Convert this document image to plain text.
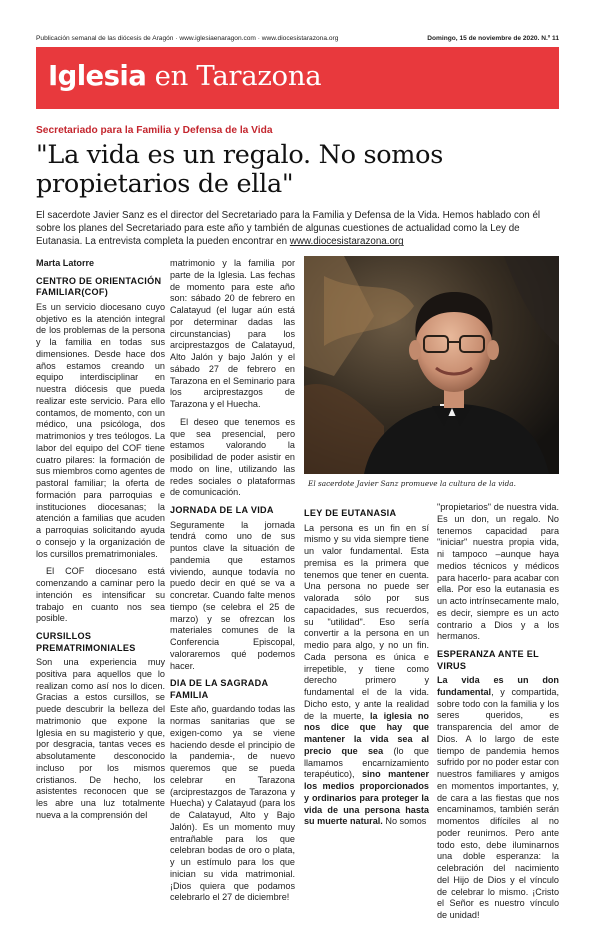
Publicación semanal de las diócesis de Aragón · www.iglesiaenaragon.com · www.diocesistarazona.org	Domingo, 15 de noviembre de 2020. N.º 11
Iglesia en Tarazona
Secretariado para la Familia y Defensa de la Vida
"La vida es un regalo. No somos propietarios de ella"
El sacerdote Javier Sanz es el director del Secretariado para la Familia y Defensa de la Vida. Hemos hablado con él sobre los planes del Secretariado para este año y también de algunas cuestiones de actualidad como la Ley de Eutanasia. La entrevista completa la pueden encontrar en www.diocesistarazona.org
Marta Latorre
CENTRO DE ORIENTACIÓN FAMILIAR(COF)

Es un servicio diocesano cuyo objetivo es la atención integral de los problemas de la persona y la familia en todas sus dimensiones. Desde hace dos años estamos creando un equipo interdisciplinar en nuestra diócesis que pueda realizar este servicio. Para ello contamos, de momento, con un médico, una psicóloga, dos matrimonios y tres teólogos. La labor del equipo del COF tiene cuatro pilares: la formación de sus miembros como agentes de pastoral familiar; la oferta de formación para parroquias e instituciones diocesanas; la atención a familias que acuden a parroquias solicitando ayuda o consejo y la organización de los cursillos prematrimoniales.

El COF diocesano está comenzando a caminar pero la intención es intensificar su trabajo en cuanto nos sea posible.

CURSILLOS PREMATRIMONIALES

Son una experiencia muy positiva para aquellos que lo realizan como así nos lo dicen. Gracias a estos cursillos, se puede descubrir la belleza del matrimonio que expone la Iglesia en su magisterio y que, por desgracia, tantas veces es absolutamente desconocido incluso por los mismos cristianos. De hecho, los asistentes reconocen que se les abre una luz totalmente nueva a la comprensión del

matrimonio y la familia por parte de la Iglesia. Las fechas de momento para este año son: sábado 20 de febrero en Calatayud (el lugar aún está por determinar dadas las circunstancias) para los arciprestazgos de Calatayud, Alto Jalón y bajo Jalón y el sábado 27 de febrero en Tarazona en el Seminario para los arciprestazgos de Tarazona y el Huecha.

El deseo que tenemos es que sea presencial, pero estamos valorando la posibilidad de poder asistir en modo on line, utilizando las redes sociales o plataformas de comunicación.

JORNADA DE LA VIDA

Seguramente la jornada tendrá como uno de sus puntos clave la situación de pandemia que estamos viviendo, aunque todavía no puedo decir en qué se va a concretar. Cuando falte menos tiempo (se celebra el 25 de marzo) y se ofrezcan los materiales comunes de la Conferencia Episcopal, valoraremos qué podemos hacer.

DIA DE LA SAGRADA FAMILIA

Este año, guardando todas las normas sanitarias que se exigen-como ya se viene haciendo desde el principio de la pandemia-, de nuevo queremos que se pueda celebrar en Tarazona (arciprestazgos de Tarazona y Huecha) y Calatayud (para los de Calatayud, Alto y Bajo Jalón). Es un momento muy entrañable para los que celebran bodas de oro o plata, y un estímulo para los que inician su vida matrimonial. ¡Dios quiera que podamos celebrarlo el 27 de diciembre!

El sacerdote Javier Sanz promueve la cultura de la vida.
LEY DE EUTANASIA

La persona es un fin en sí mismo y su vida siempre tiene un valor fundamental. Esta premisa es la primera que tenemos que tener en cuenta. Una persona no puede ser valorada sólo por sus capacidades, sus recuerdos, su "utilidad". Eso sería convertir a la persona en un medio para algo, y no un fin. Cada persona es única e irrepetible, y tiene como derecho primero y fundamental el de la vida. Dicho esto, y ante la realidad de la muerte, la iglesia no nos dice que hay que mantener la vida sea al precio que sea (lo que llamamos encarnizamiento terapéutico), sino mantener los medios proporcionados y ordinarios para proteger la vida de una persona hasta su muerte natural. No somos

"propietarios" de nuestra vida. Es un don, un regalo. No tenemos capacidad para "iniciar" nuestra propia vida, ni tampoco –aunque haya medios técnicos y médicos para hacerlo- para acabar con ella. Por eso la eutanasia es un acto intrínsecamente malo, es decir, siempre es un acto contrario a Dios y a los hermanos.

ESPERANZA ANTE EL VIRUS

La vida es un don fundamental, y compartida, sobre todo con la familia y los seres queridos, es transparencia del amor de Dios. A lo largo de este tiempo de pandemia hemos sufrido por no poder estar con nuestros familiares y amigos en momentos importantes, y, de cara a las fiestas que nos encaminamos, también serán momentos difíciles al no poder reunirnos. Pero ante todo esto, debe iluminarnos una doble esperanza: la celebración del nacimiento del Hijo de Dios y el vínculo de celebrar lo mismo. ¡Cristo el Señor es nuestro vínculo de unidad!
